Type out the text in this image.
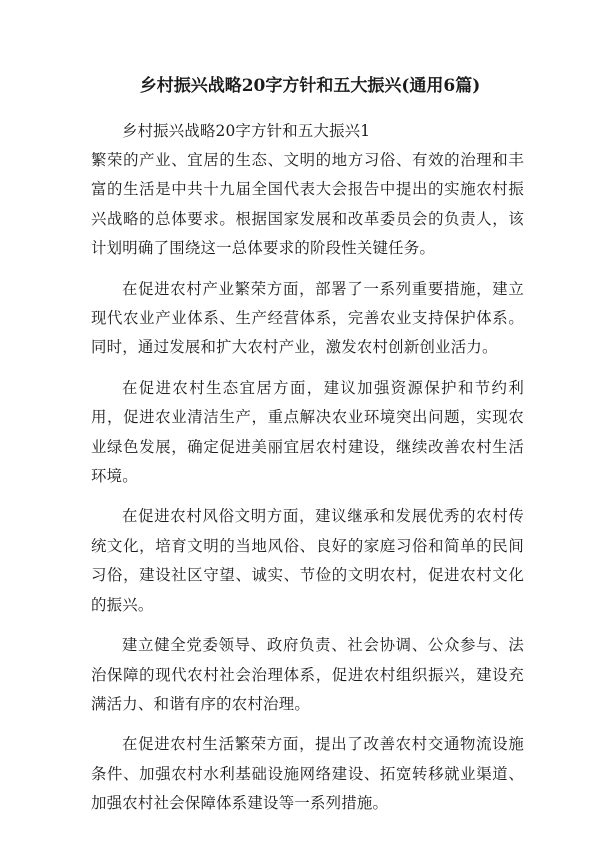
乡村振兴战略20字方针和五大振兴(通用6篇)

乡村振兴战略20字方针和五大振兴1

繁荣的产业、宜居的生态、文明的地方习俗、有效的治理和丰富的生活是中共十九届全国代表大会报告中提出的实施农村振兴战略的总体要求。根据国家发展和改革委员会的负责人，该计划明确了围绕这一总体要求的阶段性关键任务。

在促进农村产业繁荣方面，部署了一系列重要措施，建立现代农业产业体系、生产经营体系，完善农业支持保护体系。同时，通过发展和扩大农村产业，激发农村创新创业活力。

在促进农村生态宜居方面，建议加强资源保护和节约利用，促进农业清洁生产，重点解决农业环境突出问题，实现农业绿色发展，确定促进美丽宜居农村建设，继续改善农村生活环境。

在促进农村风俗文明方面，建议继承和发展优秀的农村传统文化，培育文明的当地风俗、良好的家庭习俗和简单的民间习俗，建设社区守望、诚实、节俭的文明农村，促进农村文化的振兴。

建立健全党委领导、政府负责、社会协调、公众参与、法治保障的现代农村社会治理体系，促进农村组织振兴，建设充满活力、和谐有序的农村治理。

在促进农村生活繁荣方面，提出了改善农村交通物流设施条件、加强农村水利基础设施网络建设、拓宽转移就业渠道、加强农村社会保障体系建设等一系列措施。
